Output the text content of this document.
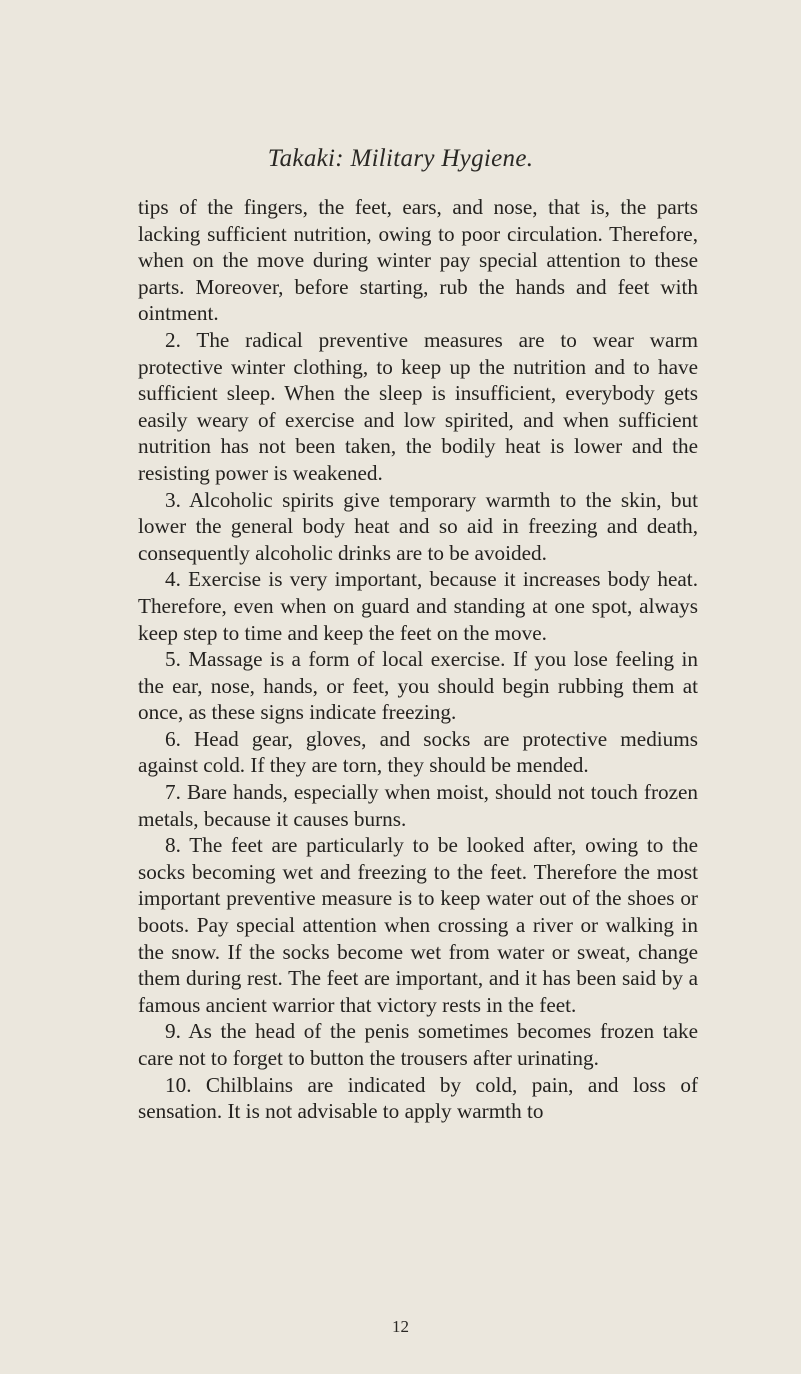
Takaki: Military Hygiene.

tips of the fingers, the feet, ears, and nose, that is, the parts lacking sufficient nutrition, owing to poor circulation. Therefore, when on the move during winter pay special attention to these parts. Moreover, before starting, rub the hands and feet with ointment.

2. The radical preventive measures are to wear warm protective winter clothing, to keep up the nutrition and to have sufficient sleep. When the sleep is insufficient, everybody gets easily weary of exercise and low spirited, and when sufficient nutrition has not been taken, the bodily heat is lower and the resisting power is weakened.

3. Alcoholic spirits give temporary warmth to the skin, but lower the general body heat and so aid in freezing and death, consequently alcoholic drinks are to be avoided.

4. Exercise is very important, because it increases body heat. Therefore, even when on guard and standing at one spot, always keep step to time and keep the feet on the move.

5. Massage is a form of local exercise. If you lose feeling in the ear, nose, hands, or feet, you should begin rubbing them at once, as these signs indicate freezing.

6. Head gear, gloves, and socks are protective mediums against cold. If they are torn, they should be mended.

7. Bare hands, especially when moist, should not touch frozen metals, because it causes burns.

8. The feet are particularly to be looked after, owing to the socks becoming wet and freezing to the feet. Therefore the most important preventive measure is to keep water out of the shoes or boots. Pay special attention when crossing a river or walking in the snow. If the socks become wet from water or sweat, change them during rest. The feet are important, and it has been said by a famous ancient warrior that victory rests in the feet.

9. As the head of the penis sometimes becomes frozen take care not to forget to button the trousers after urinating.

10. Chilblains are indicated by cold, pain, and loss of sensation. It is not advisable to apply warmth to

12
